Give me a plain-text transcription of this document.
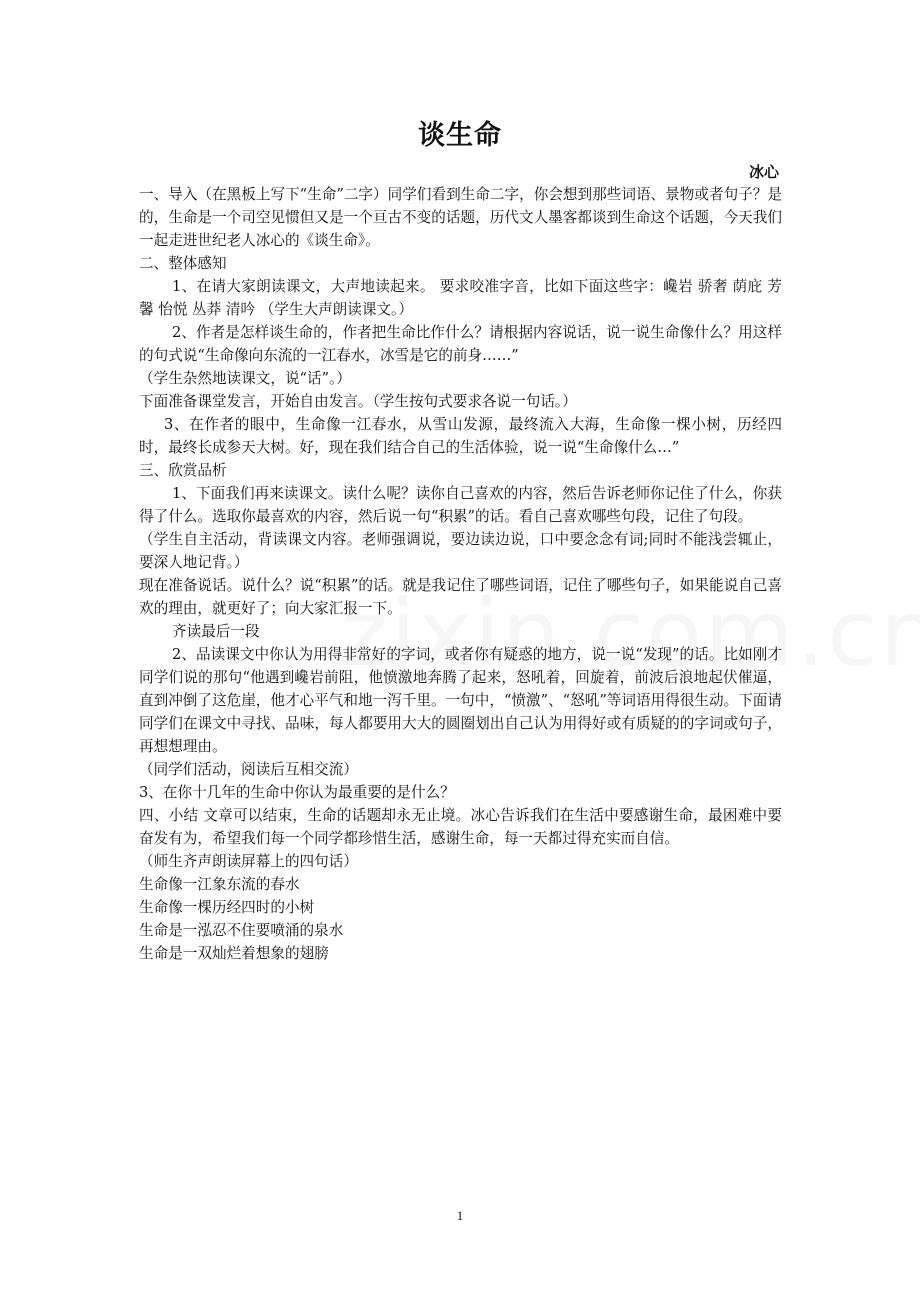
谈生命
冰心

一、导入（在黑板上写下“生命”二字）同学们看到生命二字，你会想到那些词语、景物或者句子？是的，生命是一个司空见惯但又是一个亘古不变的话题，历代文人墨客都谈到生命这个话题，今天我们一起走进世纪老人冰心的《谈生命》。

二、整体感知

1、在请大家朗读课文，大声地读起来。 要求咬准字音，比如下面这些字：巉岩 骄奢 荫庇 芳馨 怡悦 丛莽 清吟 （学生大声朗读课文。）

2、作者是怎样谈生命的，作者把生命比作什么？请根据内容说话，说一说生命像什么？用这样的句式说“生命像向东流的一江春水，冰雪是它的前身……”

（学生杂然地读课文，说“话”。）

下面准备课堂发言，开始自由发言。（学生按句式要求各说一句话。）

3、在作者的眼中，生命像一江春水，从雪山发源，最终流入大海，生命像一棵小树，历经四时，最终长成参天大树。好，现在我们结合自己的生活体验，说一说“生命像什么…”

三、欣赏品析

1、下面我们再来读课文。读什么呢？读你自己喜欢的内容，然后告诉老师你记住了什么，你获得了什么。选取你最喜欢的内容，然后说一句“积累”的话。看自己喜欢哪些句段，记住了句段。

（学生自主活动，背读课文内容。老师强调说，要边读边说，口中要念念有词;同时不能浅尝辄止，要深人地记背。）

现在准备说话。说什么？说“积累”的话。就是我记住了哪些词语，记住了哪些句子，如果能说自己喜欢的理由，就更好了；向大家汇报一下。

齐读最后一段

2、品读课文中你认为用得非常好的字词，或者你有疑惑的地方，说一说“发现”的话。比如刚才同学们说的那句“他遇到巉岩前阻，他愤激地奔腾了起来，怒吼着，回旋着，前波后浪地起伏催逼，直到冲倒了这危崖，他才心平气和地一泻千里。一句中，“愤激”、“怒吼”等词语用得很生动。下面请同学们在课文中寻找、品味，每人都要用大大的圆圈划出自己认为用得好或有质疑的的字词或句子，再想想理由。

（同学们活动，阅读后互相交流）

3、在你十几年的生命中你认为最重要的是什么？

四、小结 文章可以结束，生命的话题却永无止境。冰心告诉我们在生活中要感谢生命，最困难中要奋发有为，希望我们每一个同学都珍惜生活，感谢生命，每一天都过得充实而自信。

（师生齐声朗读屏幕上的四句话）

生命像一江象东流的春水

生命像一棵历经四时的小树

生命是一泓忍不住要喷涌的泉水

生命是一双灿烂着想象的翅膀

1
